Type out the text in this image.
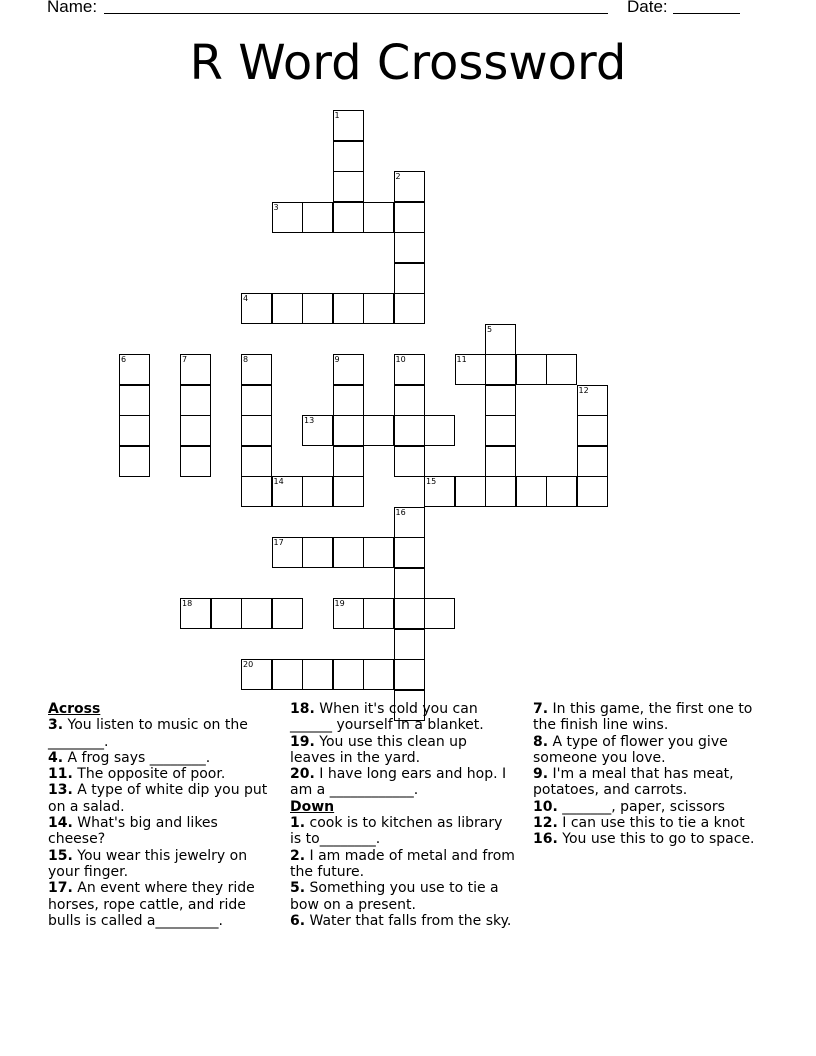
Name:	Date:
R Word Crossword
1
2
3
4
5
6	7	8	9	10	11
12
13
14	15
16
17
18	19
20

Across

3. You listen to music on the ________.

4. A frog says ________.

11. The opposite of poor.

13. A type of white dip you put on a salad.

14. What's big and likes cheese?

15. You wear this jewelry on your finger.

17. An event where they ride horses, rope cattle, and ride bulls is called a_________.

18. When it's cold you can ______ yourself in a blanket.

19. You use this clean up leaves in the yard.

20. I have long ears and hop. I am a ____________.

Down

1. cook is to kitchen as library is to________.

2. I am made of metal and from the future.

5. Something you use to tie a bow on a present.

6. Water that falls from the sky.

7. In this game, the first one to the finish line wins.

8. A type of flower you give someone you love.

9. I'm a meal that has meat, potatoes, and carrots.

10. _______, paper, scissors

12. I can use this to tie a knot

16. You use this to go to space.
